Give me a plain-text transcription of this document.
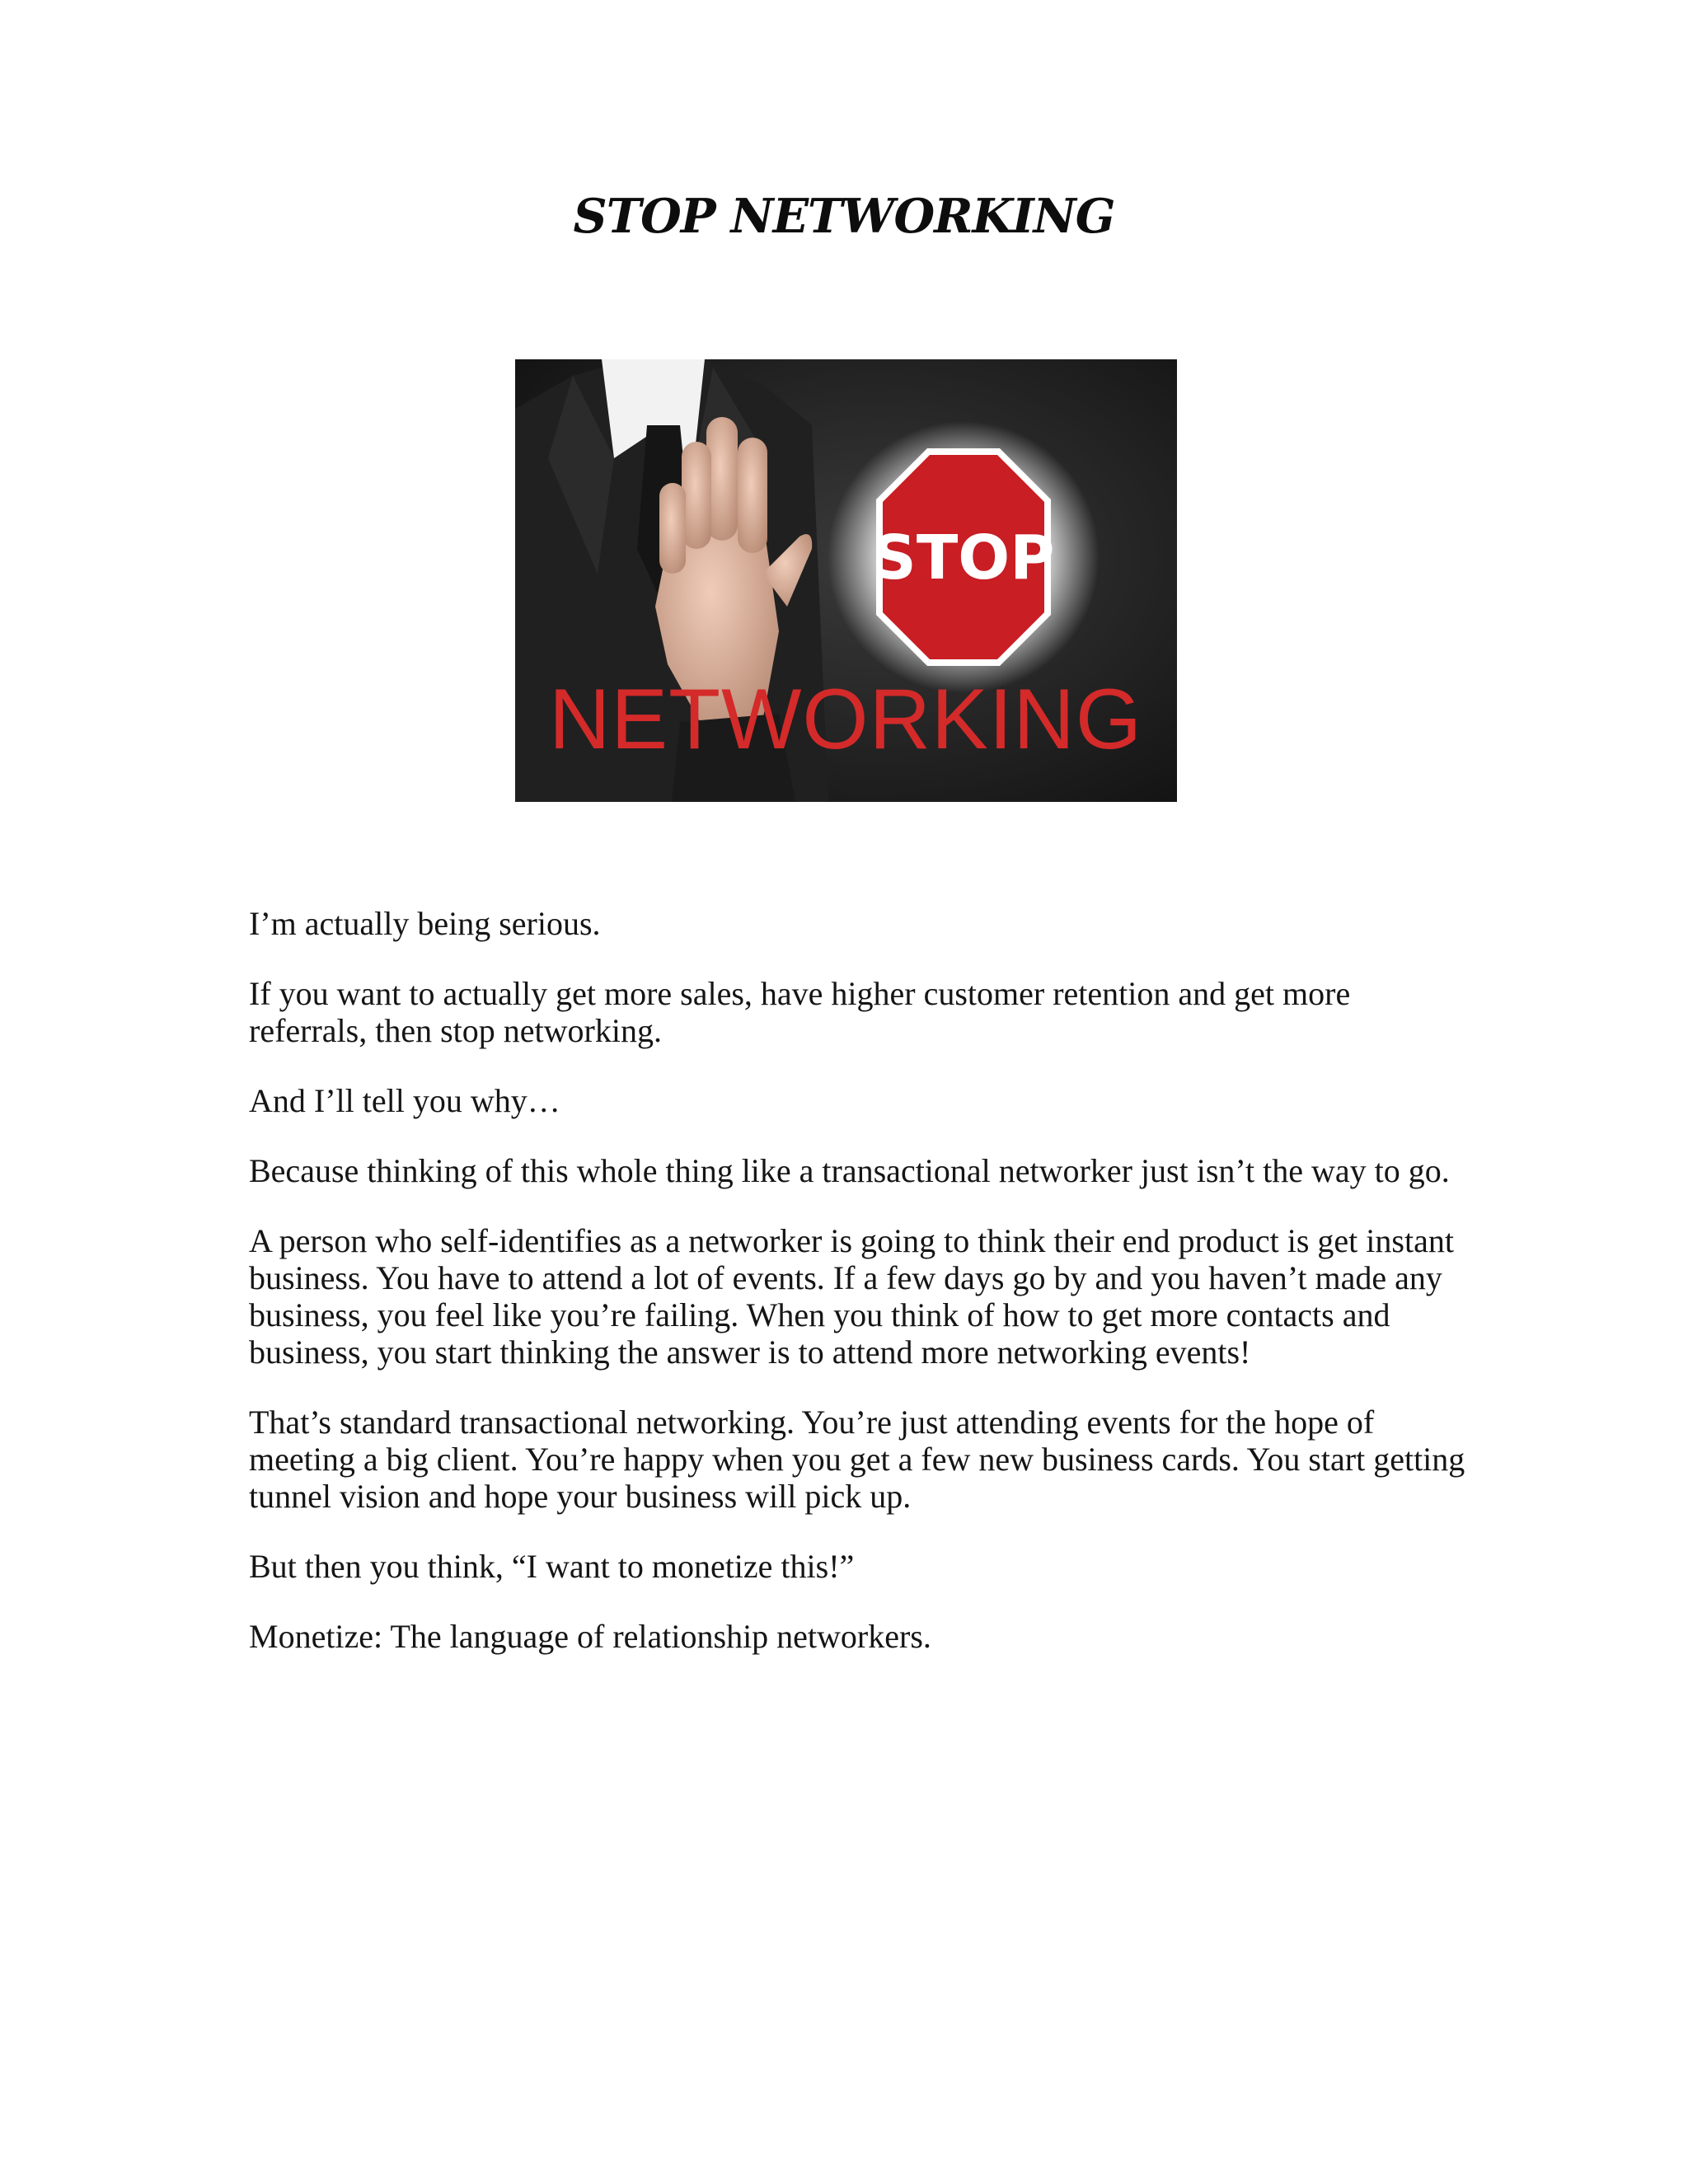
STOP NETWORKING
STOP
NETWORKING

I’m actually being serious.

If you want to actually get more sales, have higher customer retention and get more referrals, then stop networking.

And I’ll tell you why…

Because thinking of this whole thing like a transactional networker just isn’t the way to go.

A person who self-identifies as a networker is going to think their end product is get instant business. You have to attend a lot of events. If a few days go by and you haven’t made any business, you feel like you’re failing. When you think of how to get more contacts and business, you start thinking the answer is to attend more networking events!

That’s standard transactional networking. You’re just attending events for the hope of meeting a big client. You’re happy when you get a few new business cards. You start getting tunnel vision and hope your business will pick up.

But then you think, “I want to monetize this!”

Monetize: The language of relationship networkers.
